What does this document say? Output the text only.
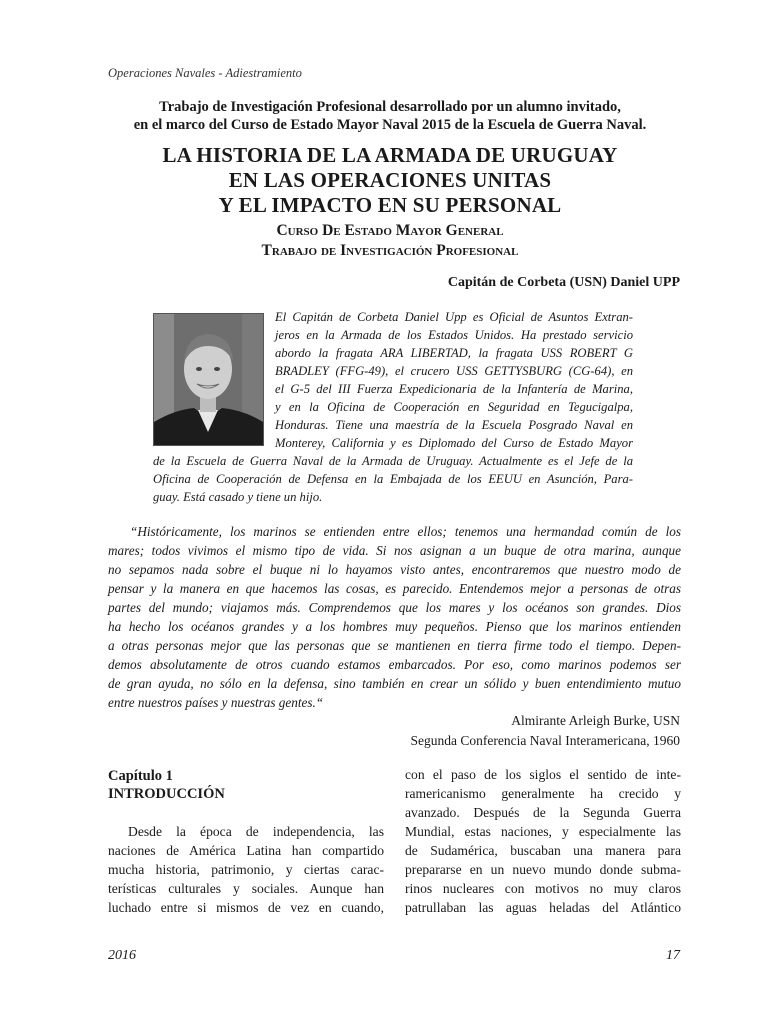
Operaciones Navales - Adiestramiento
Trabajo de Investigación Profesional desarrollado por un alumno invitado,
en el marco del Curso de Estado Mayor Naval 2015 de la Escuela de Guerra Naval.
LA HISTORIA DE LA ARMADA DE URUGUAY
EN LAS OPERACIONES UNITAS
Y EL IMPACTO EN SU PERSONAL
Curso De Estado Mayor General
Trabajo de Investigación Profesional
Capitán de Corbeta (USN) Daniel UPP
El Capitán de Corbeta Daniel Upp es Oficial de Asuntos Extran-
jeros en la Armada de los Estados Unidos. Ha prestado servicio
abordo la fragata ARA LIBERTAD, la fragata USS ROBERT G
BRADLEY (FFG-49), el crucero USS GETTYSBURG (CG-64), en
el G-5 del III Fuerza Expedicionaria de la Infantería de Marina,
y en la Oficina de Cooperación en Seguridad en Tegucigalpa,
Honduras. Tiene una maestría de la Escuela Posgrado Naval en
Monterey, California y es Diplomado del Curso de Estado Mayor
de la Escuela de Guerra Naval de la Armada de Uruguay. Actualmente es el Jefe de la
Oficina de Cooperación de Defensa en la Embajada de los EEUU en Asunción, Para-
guay. Está casado y tiene un hijo.
“Históricamente, los marinos se entienden entre ellos; tenemos una hermandad común de los
mares; todos vivimos el mismo tipo de vida. Si nos asignan a un buque de otra marina, aunque
no sepamos nada sobre el buque ni lo hayamos visto antes, encontraremos que nuestro modo de
pensar y la manera en que hacemos las cosas, es parecido. Entendemos mejor a personas de otras
partes del mundo; viajamos más. Comprendemos que los mares y los océanos son grandes. Dios
ha hecho los océanos grandes y a los hombres muy pequeños. Pienso que los marinos entienden
a otras personas mejor que las personas que se mantienen en tierra firme todo el tiempo. Depen-
demos absolutamente de otros cuando estamos embarcados. Por eso, como marinos podemos ser
de gran ayuda, no sólo en la defensa, sino también en crear un sólido y buen entendimiento mutuo
entre nuestros países y nuestras gentes.“
Almirante Arleigh Burke, USN
Segunda Conferencia Naval Interamericana, 1960
Capítulo 1
INTRODUCCIÓN
Desde la época de independencia, las
naciones de América Latina han compartido
mucha historia, patrimonio, y ciertas carac-
terísticas culturales y sociales. Aunque han
luchado entre si mismos de vez en cuando,
con el paso de los siglos el sentido de inte-
ramericanismo generalmente ha crecido y
avanzado. Después de la Segunda Guerra
Mundial, estas naciones, y especialmente las
de Sudamérica, buscaban una manera para
prepararse en un nuevo mundo donde subma-
rinos nucleares con motivos no muy claros
patrullaban las aguas heladas del Atlántico
2016	17
